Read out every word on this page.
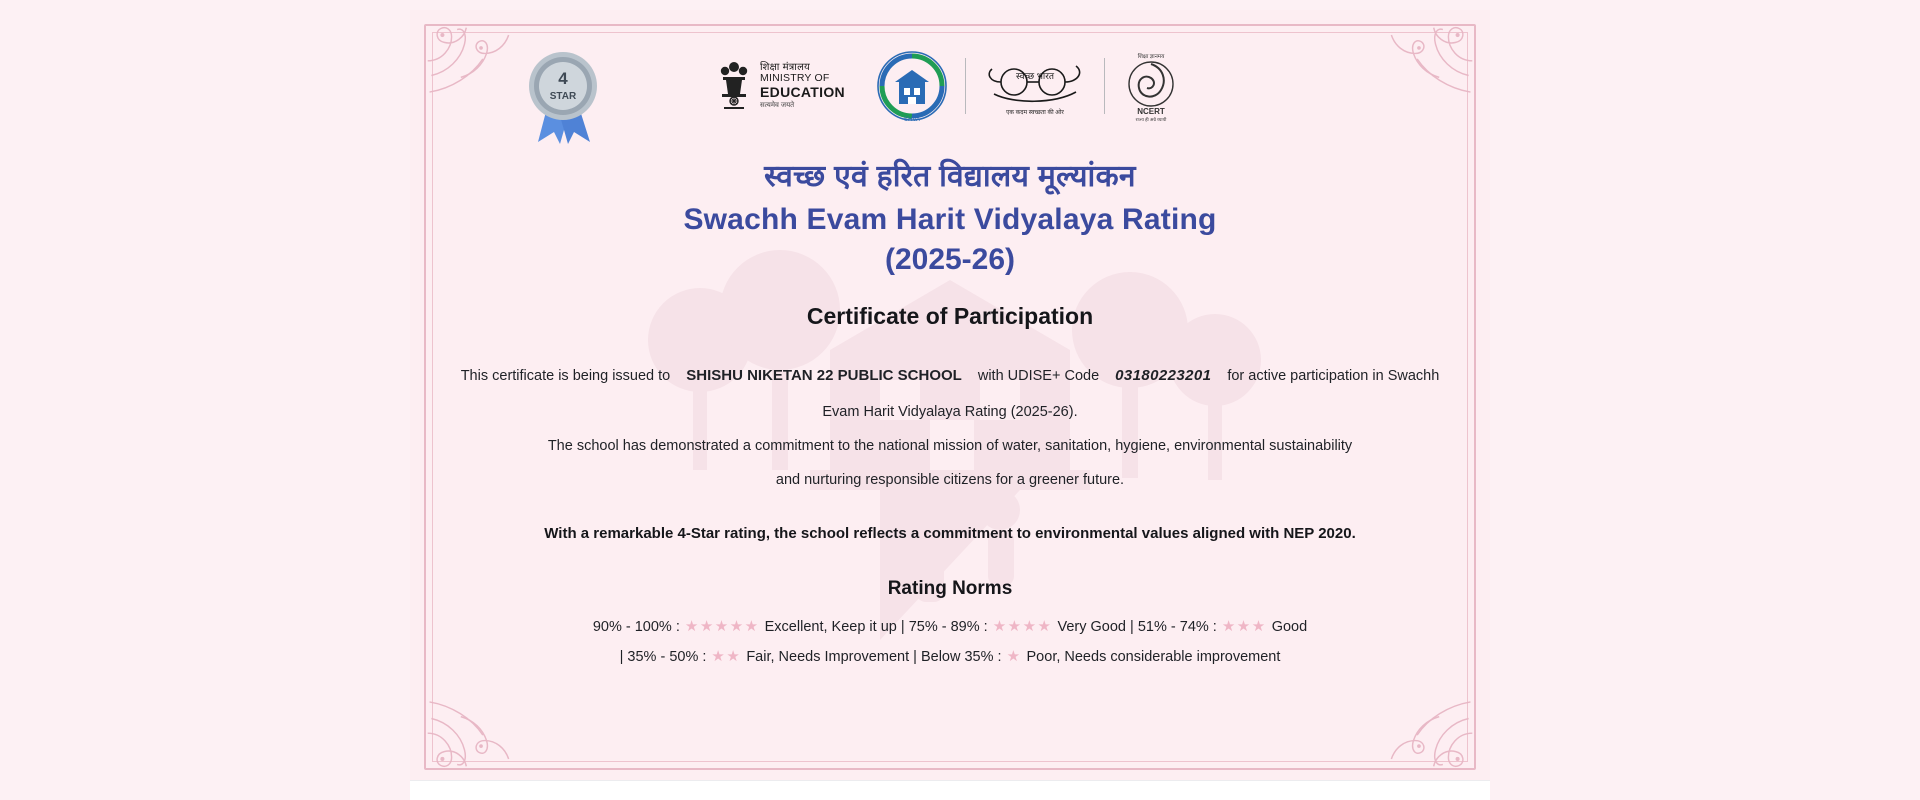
4
STAR
शिक्षा मंत्रालय
MINISTRY OF
EDUCATION
सत्यमेव जयते
SHVA
स्वच्छ भारत
एक कदम स्वच्छता की ओर
शिक्षा ज्ञानमय
NCERT
राज्य ही अग्रे ध्यायी
स्वच्छ एवं हरित विद्यालय मूल्यांकन
Swachh Evam Harit Vidyalaya Rating
(2025-26)
Certificate of Participation
This certificate is being issued to SHISHU NIKETAN 22 PUBLIC SCHOOL with UDISE+ Code 03180223201 for active participation in Swachh
Evam Harit Vidyalaya Rating (2025-26).
The school has demonstrated a commitment to the national mission of water, sanitation, hygiene, environmental sustainability
and nurturing responsible citizens for a greener future.
With a remarkable 4-Star rating, the school reflects a commitment to environmental values aligned with NEP 2020.
Rating Norms
90% - 100% : ★★★★★ Excellent, Keep it up | 75% - 89% : ★★★★ Very Good | 51% - 74% : ★★★ Good
| 35% - 50% : ★★ Fair, Needs Improvement | Below 35% : ★ Poor, Needs considerable improvement
